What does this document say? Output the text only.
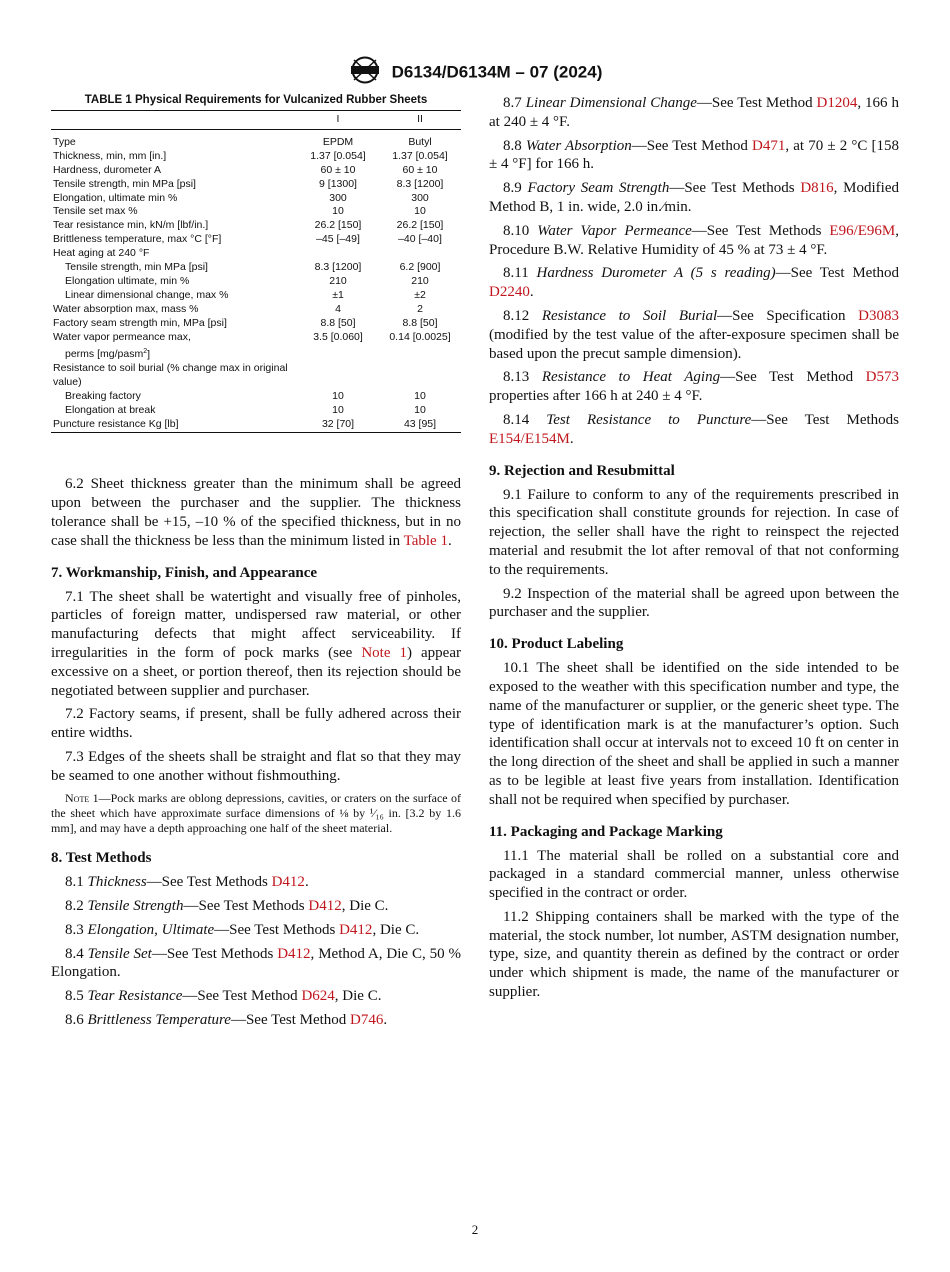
D6134/D6134M – 07 (2024)
TABLE 1 Physical Requirements for Vulcanized Rubber Sheets
	I	II
Type	EPDM	Butyl
Thickness, min, mm [in.]	1.37 [0.054]	1.37 [0.054]
Hardness, durometer A	60 ± 10	60 ± 10
Tensile strength, min MPa [psi]	9 [1300]	8.3 [1200]
Elongation, ultimate min %	300	300
Tensile set max %	10	10
Tear resistance min, kN/m [lbf/in.]	26.2 [150]	26.2 [150]
Brittleness temperature, max °C [°F]	–45 [–49]	–40 [–40]
Heat aging at 240 °F		
Tensile strength, min MPa [psi]	8.3 [1200]	6.2 [900]
Elongation ultimate, min %	210	210
Linear dimensional change, max %	±1	±2
Water absorption max, mass %	4	2
Factory seam strength min, MPa [psi]	8.8 [50]	8.8 [50]
Water vapor permeance max,
perms [mg/pasm$^2$]	3.5 [0.060]	0.14 [0.0025]
Resistance to soil burial (% change max in original value)		
Breaking factory	10	10
Elongation at break	10	10
Puncture resistance Kg [lb]	32 [70]	43 [95]

6.2 Sheet thickness greater than the minimum shall be agreed upon between the purchaser and the supplier. The thickness tolerance shall be +15, –10 % of the specified thickness, but in no case shall the thickness be less than the minimum listed in Table 1.

7. Workmanship, Finish, and Appearance

7.1 The sheet shall be watertight and visually free of pinholes, particles of foreign matter, undispersed raw material, or other manufacturing defects that might affect serviceability. If irregularities in the form of pock marks (see Note 1) appear excessive on a sheet, or portion thereof, then its rejection should be negotiated between supplier and purchaser.

7.2 Factory seams, if present, shall be fully adhered across their entire widths.

7.3 Edges of the sheets shall be straight and flat so that they may be seamed to one another without fishmouthing.

Note 1—Pock marks are oblong depressions, cavities, or craters on the surface of the sheet which have approximate surface dimensions of ⅛ by ¹⁄₁₆ in. [3.2 by 1.6 mm], and may have a depth approaching one half of the sheet material.
8. Test Methods

8.1 Thickness—See Test Methods D412.

8.2 Tensile Strength—See Test Methods D412, Die C.

8.3 Elongation, Ultimate—See Test Methods D412, Die C.

8.4 Tensile Set—See Test Methods D412, Method A, Die C, 50 % Elongation.

8.5 Tear Resistance—See Test Method D624, Die C.

8.6 Brittleness Temperature—See Test Method D746.

8.7 Linear Dimensional Change—See Test Method D1204, 166 h at 240 ± 4 °F.

8.8 Water Absorption—See Test Method D471, at 70 ± 2 °C [158 ± 4 °F] for 166 h.

8.9 Factory Seam Strength—See Test Methods D816, Modified Method B, 1 in. wide, 2.0 in.⁄min.

8.10 Water Vapor Permeance—See Test Methods E96/E96M, Procedure B.W. Relative Humidity of 45 % at 73 ± 4 °F.

8.11 Hardness Durometer A (5 s reading)—See Test Method D2240.

8.12 Resistance to Soil Burial—See Specification D3083 (modified by the test value of the after-exposure specimen shall be based upon the precut sample dimension).

8.13 Resistance to Heat Aging—See Test Method D573 properties after 166 h at 240 ± 4 °F.

8.14 Test Resistance to Puncture—See Test Methods E154/E154M.

9. Rejection and Resubmittal

9.1 Failure to conform to any of the requirements prescribed in this specification shall constitute grounds for rejection. In case of rejection, the seller shall have the right to reinspect the rejected material and resubmit the lot after removal of that not conforming to the requirements.

9.2 Inspection of the material shall be agreed upon between the purchaser and the supplier.

10. Product Labeling

10.1 The sheet shall be identified on the side intended to be exposed to the weather with this specification number and type, the name of the manufacturer or supplier, or the generic sheet type. The type of identification mark is at the manufacturer’s option. Such identification shall occur at intervals not to exceed 10 ft on center in the long direction of the sheet and shall be applied in such a manner as to be legible at least five years from installation. Identification shall not be required when specified by purchaser.

11. Packaging and Package Marking

11.1 The material shall be rolled on a substantial core and packaged in a standard commercial manner, unless otherwise specified in the contract or order.

11.2 Shipping containers shall be marked with the type of the material, the stock number, lot number, ASTM designation number, type, size, and quantity therein as defined by the contract or order under which shipment is made, the name of the manufacturer or supplier.

2
